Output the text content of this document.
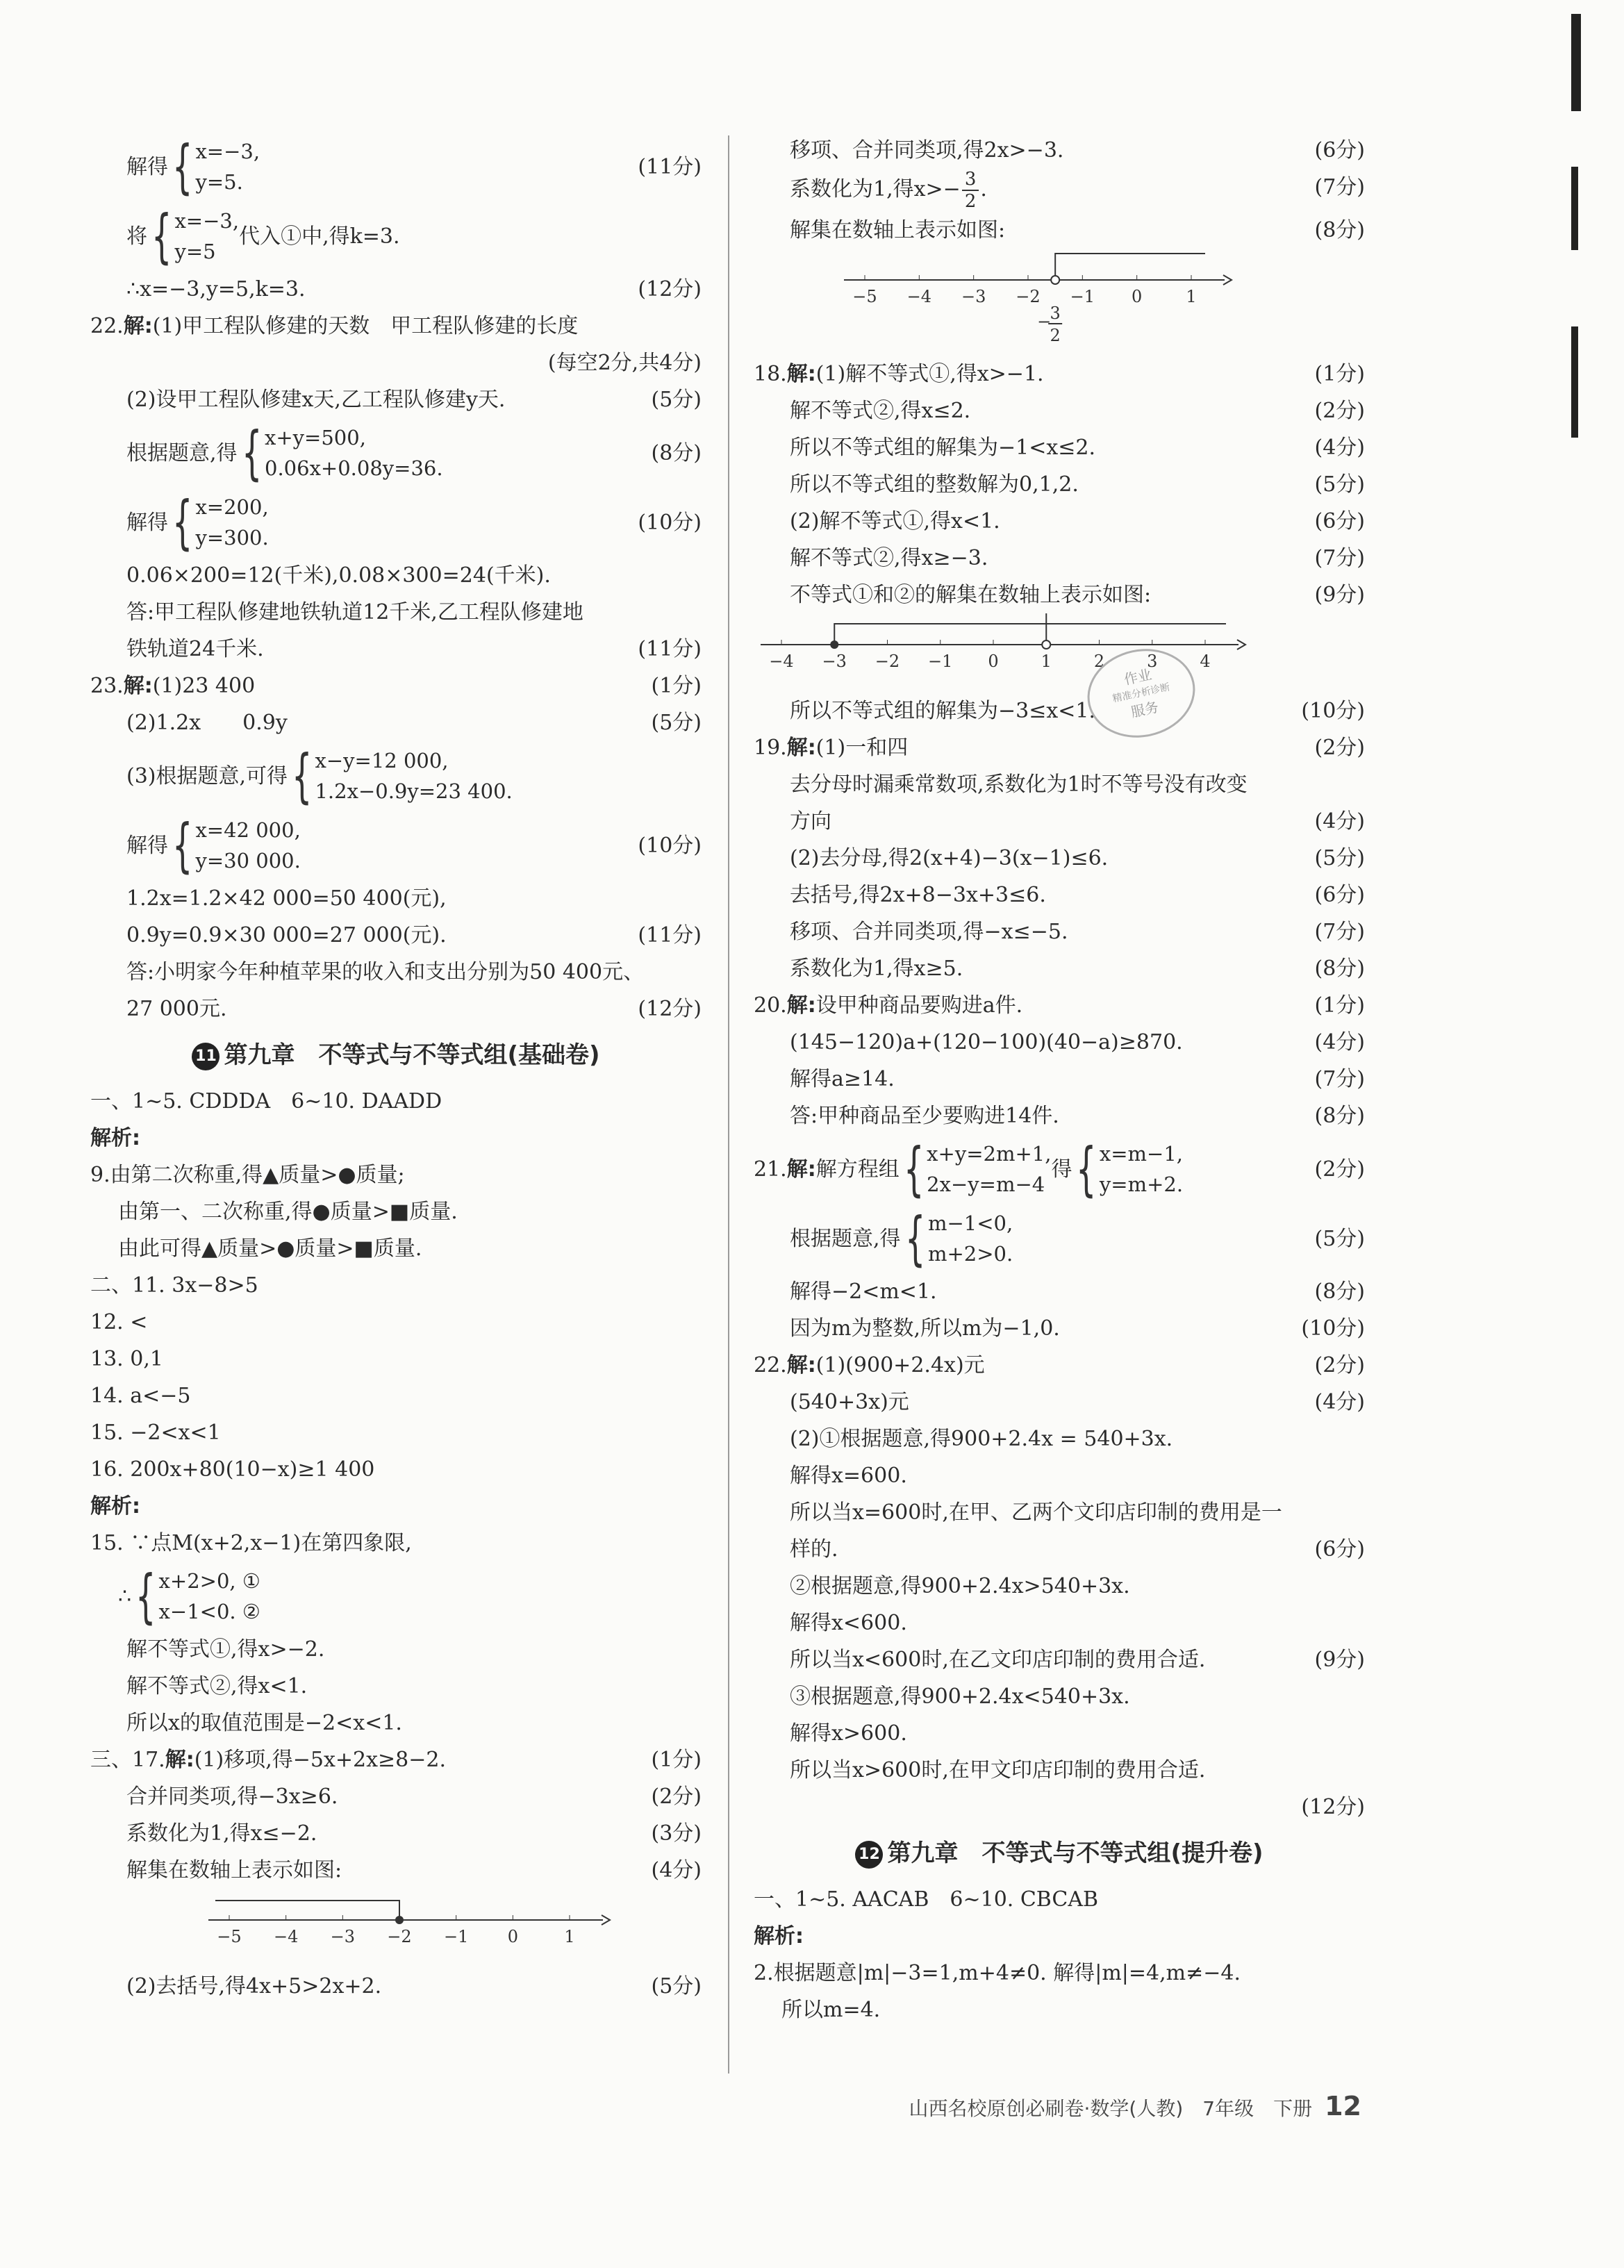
解得 { x=−3,
y=5.
(11分)
将 { x=−3,
y=5
代入①中,得k=3.
∴x=−3,y=5,k=3.	(12分)
22.解:(1)甲工程队修建的天数　甲工程队修建的长度
(每空2分,共4分)
(2)设甲工程队修建x天,乙工程队修建y天.	(5分)
根据题意,得 { x+y=500,
0.06x+0.08y=36.
(8分)
解得 { x=200,
y=300.
(10分)
0.06×200=12(千米),0.08×300=24(千米).
答:甲工程队修建地铁轨道12千米,乙工程队修建地
铁轨道24千米.	(11分)
23.解:(1)23 400	(1分)
(2)1.2x　　0.9y	(5分)
(3)根据题意,可得 { x−y=12 000,
1.2x−0.9y=23 400.
解得 { x=42 000,
y=30 000.
(10分)
1.2x=1.2×42 000=50 400(元),
0.9y=0.9×30 000=27 000(元).	(11分)
答:小明家今年种植苹果的收入和支出分别为50 400元、
27 000元.	(12分)
11 第九章　不等式与不等式组(基础卷)
一、1~5. CDDDA　6~10. DAADD
解析:
9.由第二次称重,得▲质量>●质量;
由第一、二次称重,得●质量>■质量.
由此可得▲质量>●质量>■质量.
二、11. 3x−8>5
12. <
13. 0,1
14. a<−5
15. −2<x<1
16. 200x+80(10−x)≥1 400
解析:
15. ∵点M(x+2,x−1)在第四象限,
∴ { x+2>0, ①
x−1<0. ②
解不等式①,得x>−2.
解不等式②,得x<1.
所以x的取值范围是−2<x<1.
三、17.解:(1)移项,得−5x+2x≥8−2.	(1分)
合并同类项,得−3x≥6.	(2分)
系数化为1,得x≤−2.	(3分)
解集在数轴上表示如图:	(4分)
−5 −4 −3 −2 −1 0	1
(2)去括号,得4x+5>2x+2.	(5分)
移项、合并同类项,得2x>−3.	(6分)
系数化为1,得$x>- \frac{3}{2}$ .	(7分)
解集在数轴上表示如图:	(8分)
−5 −4 −3 −2 −1 0	1
−
3
2
18.解:(1)解不等式①,得x>−1.	(1分)
解不等式②,得x≤2.	(2分)
所以不等式组的解集为−1<x≤2.	(4分)
所以不等式组的整数解为0,1,2.	(5分)
(2)解不等式①,得x<1.	(6分)
解不等式②,得x≥−3.	(7分)
不等式①和②的解集在数轴上表示如图:	(9分)
−4 −3 −2 −1 0	1	2	3	4
所以不等式组的解集为−3≤x<1.	(10分)
19.解:(1)一和四	(2分)
去分母时漏乘常数项,系数化为1时不等号没有改变
方向	(4分)
(2)去分母,得2(x+4)−3(x−1)≤6.	(5分)
去括号,得2x+8−3x+3≤6.	(6分)
移项、合并同类项,得−x≤−5.	(7分)
系数化为1,得x≥5.	(8分)
20.解:设甲种商品要购进a件.	(1分)
(145−120)a+(120−100)(40−a)≥870.	(4分)
解得a≥14.	(7分)
答:甲种商品至少要购进14件.	(8分)
21. 解: 解方程组 { x+y=2m+1,
2x−y=m−4
得 { x=m−1,
y=m+2.
(2分)
根据题意,得 { m−1<0,
m+2>0.
(5分)
解得−2<m<1.	(8分)
因为m为整数,所以m为−1,0.	(10分)
22.解:(1)(900+2.4x)元	(2分)
(540+3x)元	(4分)
(2)①根据题意,得900+2.4x = 540+3x.
解得x=600.
所以当x=600时,在甲、乙两个文印店印制的费用是一
样的.	(6分)
②根据题意,得900+2.4x>540+3x.
解得x<600.
所以当x<600时,在乙文印店印制的费用合适.	(9分)
③根据题意,得900+2.4x<540+3x.
解得x>600.
所以当x>600时,在甲文印店印制的费用合适.
(12分)
12 第九章　不等式与不等式组(提升卷)
一、1~5. AACAB　6~10. CBCAB
解析:
2.根据题意|m|−3=1,m+4≠0. 解得|m|=4,m≠−4.
所以m=4.
作业
精准分析诊断
服务
山西名校原创必刷卷·数学(人教)　7年级　下册 12
